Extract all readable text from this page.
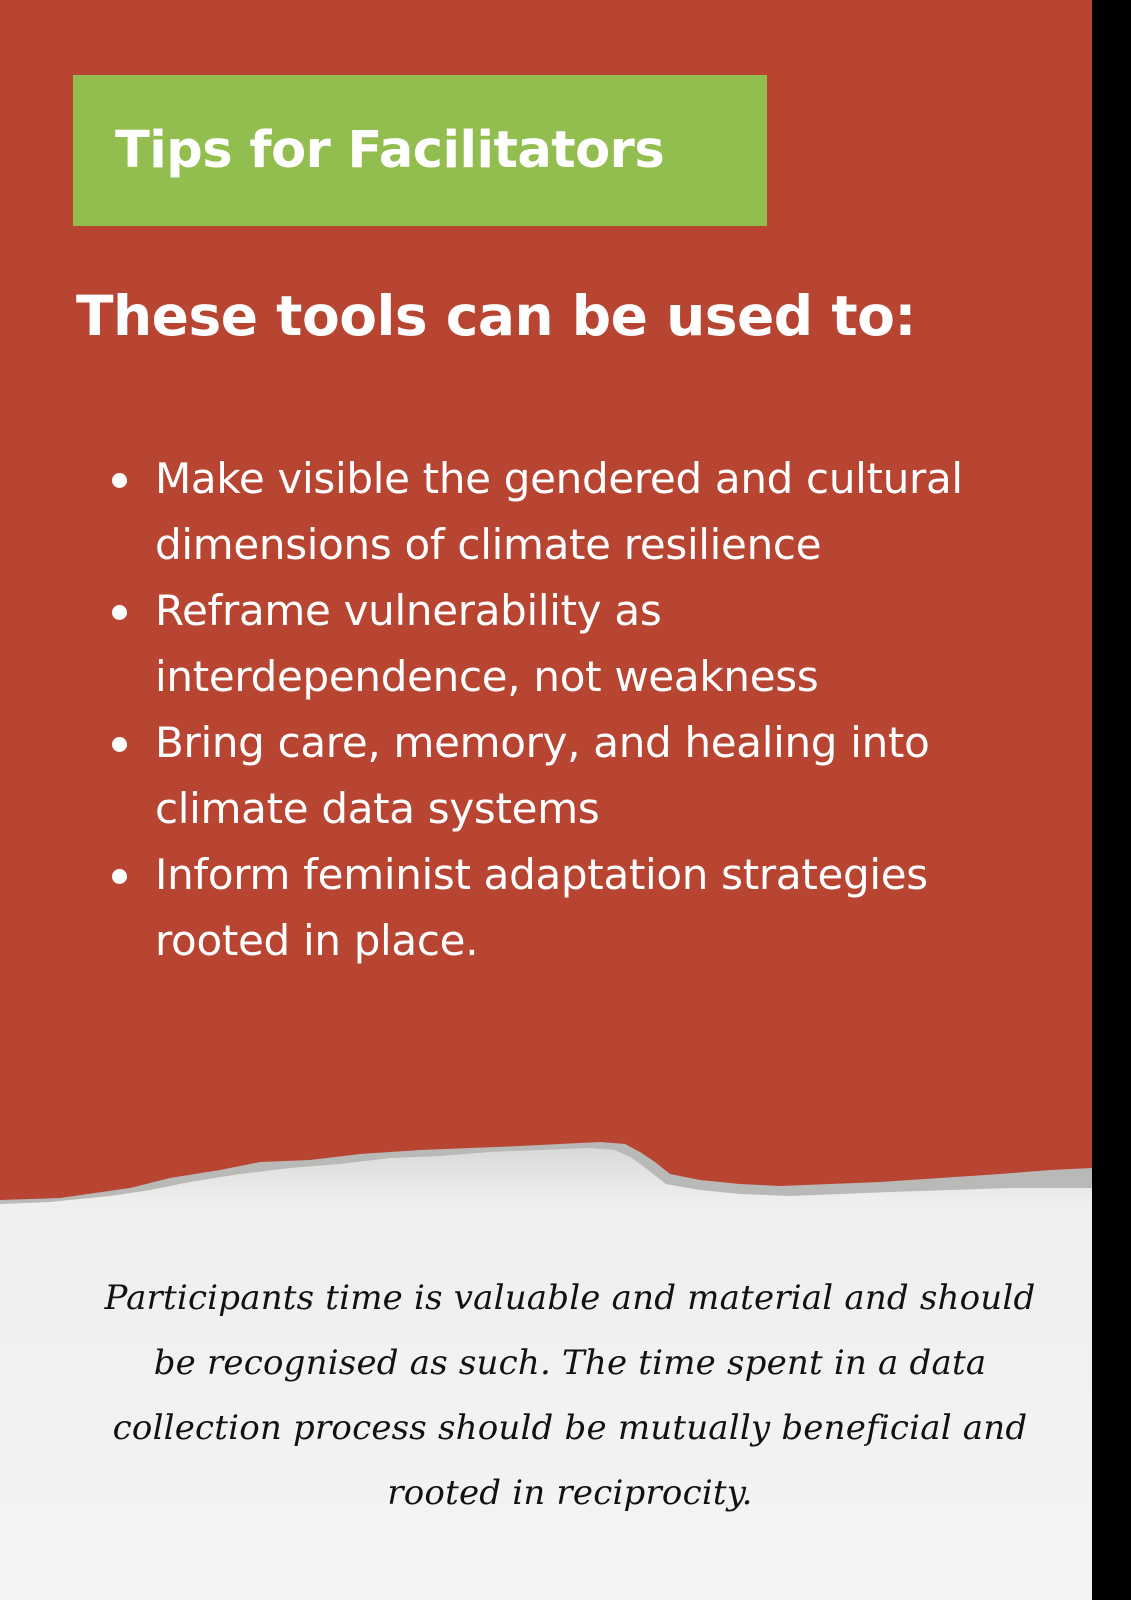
Tips for Facilitators
These tools can be used to:
Make visible the gendered and cultural dimensions of climate resilience
Reframe vulnerability as interdependence, not weakness
Bring care, memory, and healing into climate data systems
Inform feminist adaptation strategies rooted in place.

Participants time is valuable and material and should be recognised as such. The time spent in a data collection process should be mutually beneficial and rooted in reciprocity.
